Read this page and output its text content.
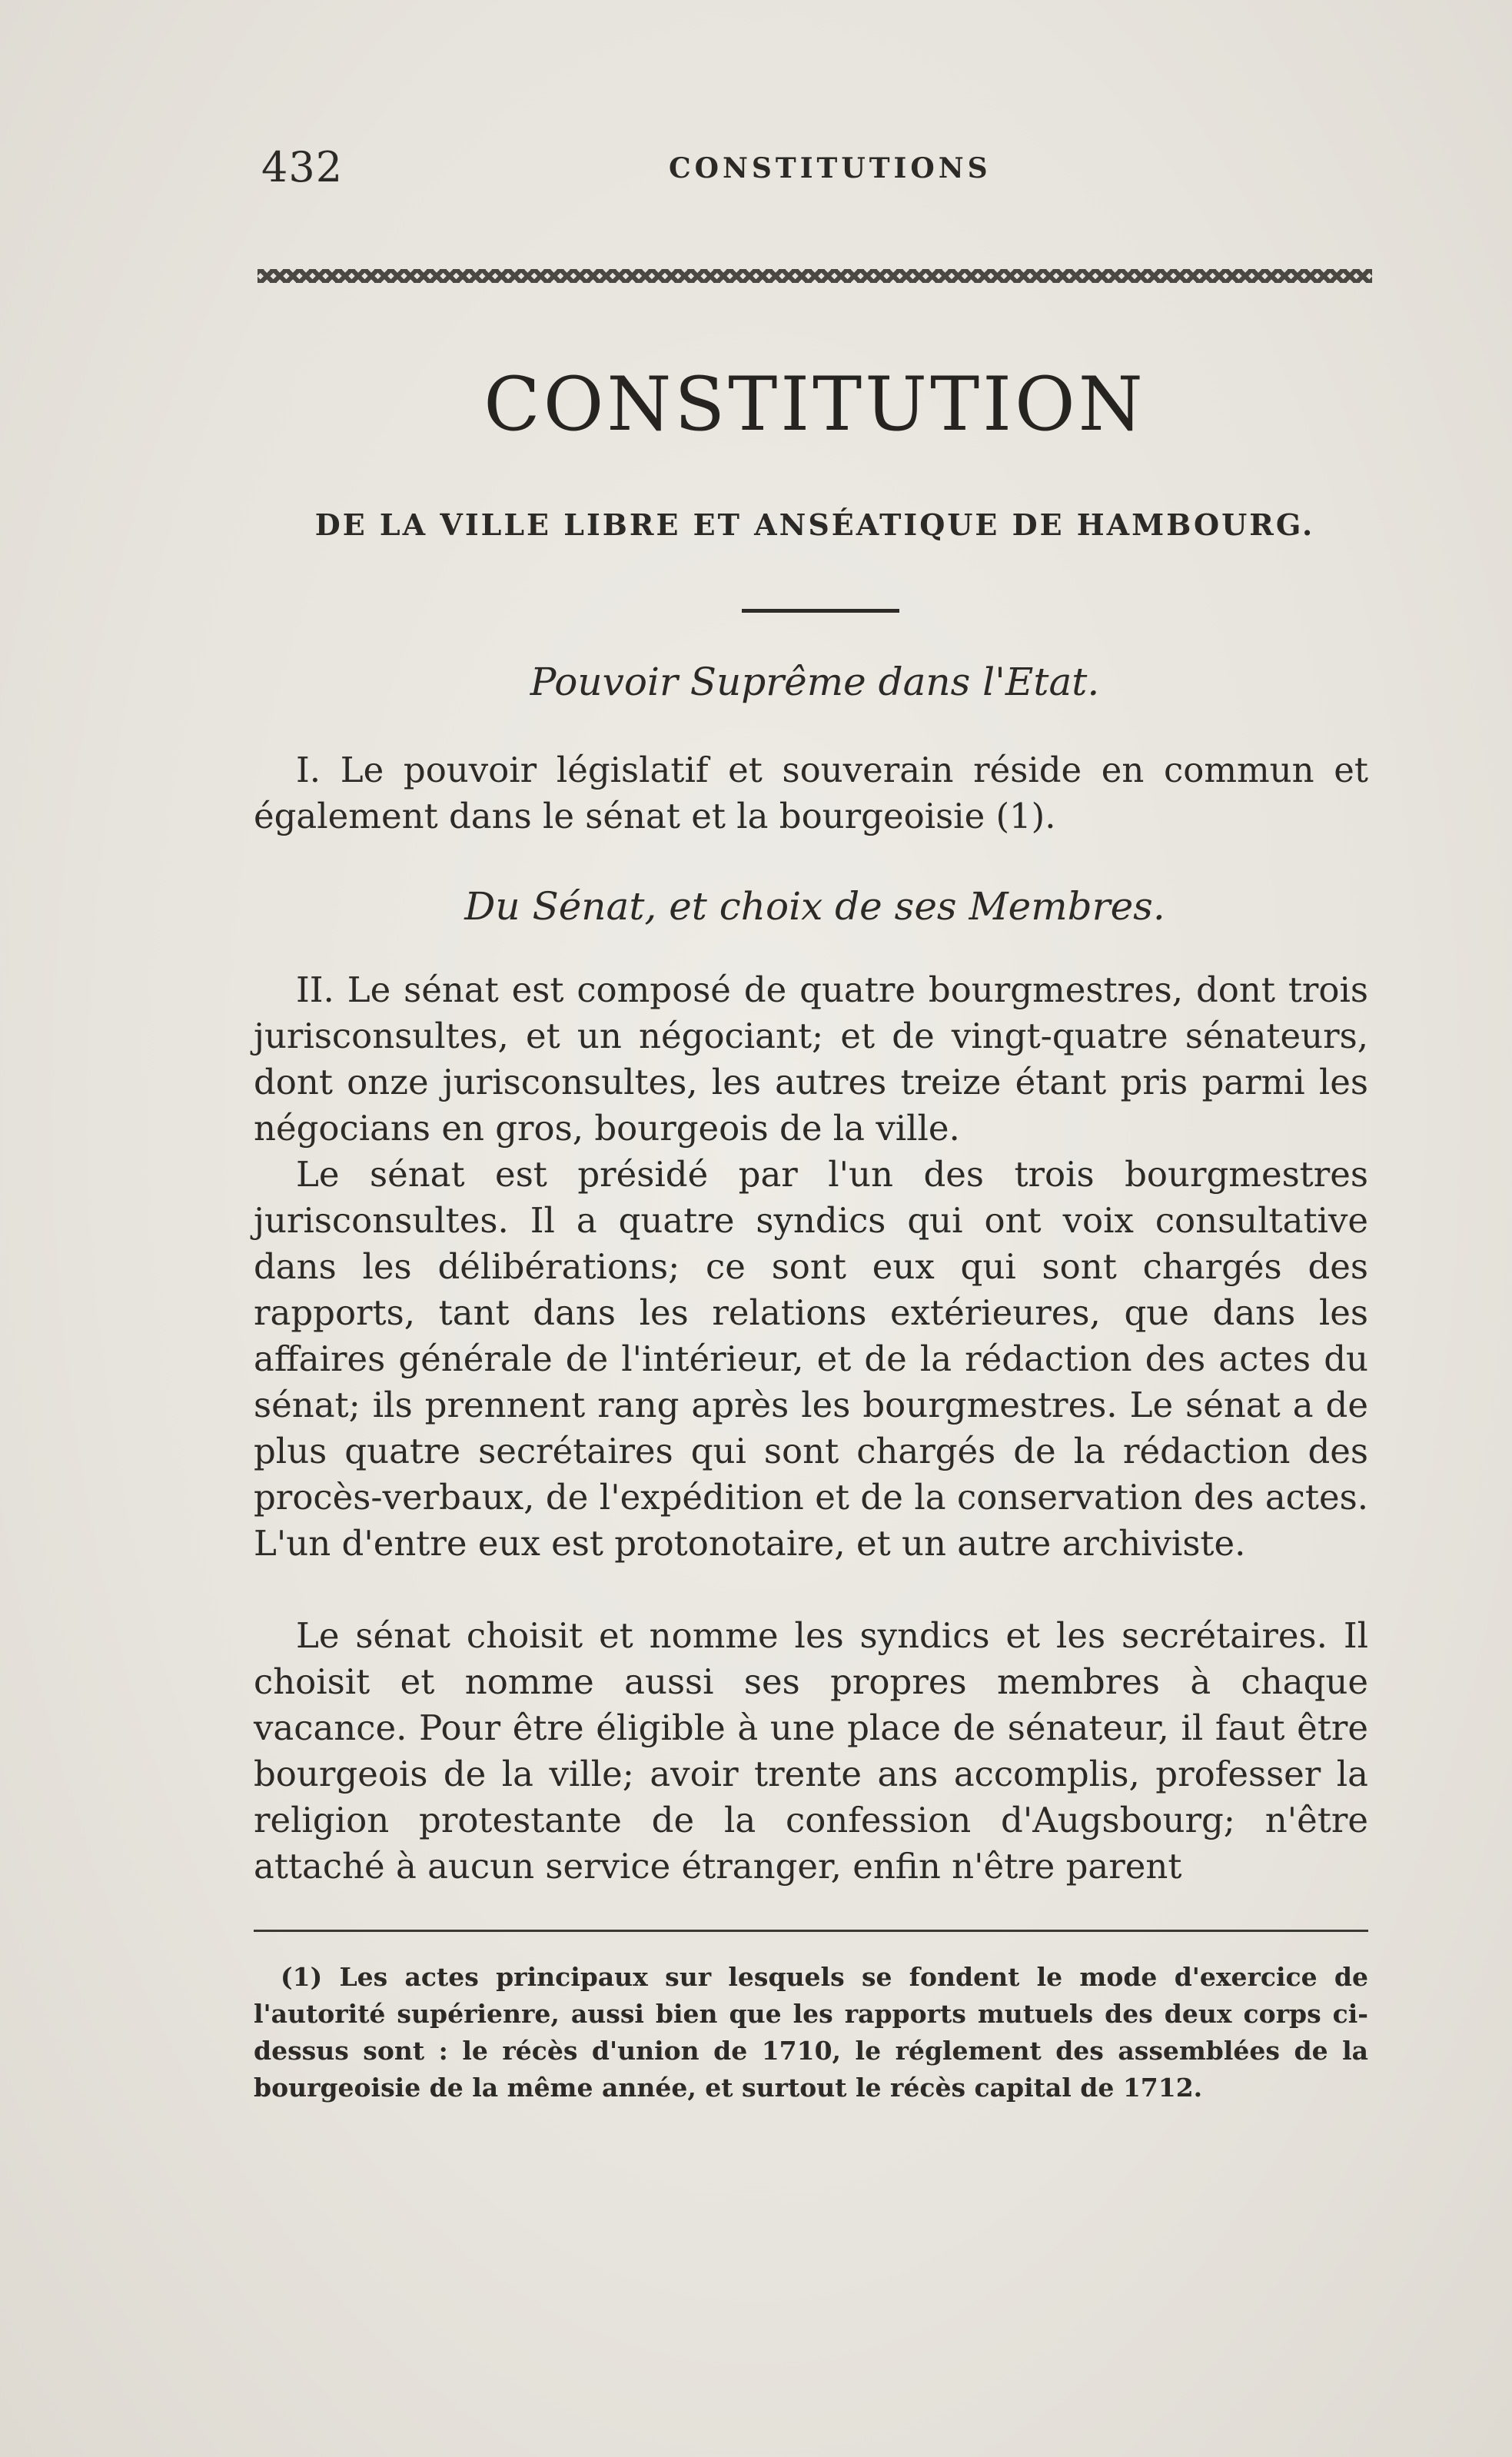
432	CONSTITUTIONS
CONSTITUTION
DE LA VILLE LIBRE ET ANSÉATIQUE DE HAMBOURG.
Pouvoir Suprême dans l'Etat.

I. Le pouvoir législatif et souverain réside en commun et également dans le sénat et la bourgeoisie (1).

Du Sénat, et choix de ses Membres.

II. Le sénat est composé de quatre bourgmestres, dont trois jurisconsultes, et un négociant; et de vingt-quatre sénateurs, dont onze jurisconsultes, les autres treize étant pris parmi les négocians en gros, bourgeois de la ville.

Le sénat est présidé par l'un des trois bourgmestres jurisconsultes. Il a quatre syndics qui ont voix consultative dans les délibérations; ce sont eux qui sont chargés des rapports, tant dans les relations extérieures, que dans les affaires générale de l'intérieur, et de la rédaction des actes du sénat; ils prennent rang après les bourgmestres. Le sénat a de plus quatre secrétaires qui sont chargés de la rédaction des procès-verbaux, de l'expédition et de la conservation des actes. L'un d'entre eux est protonotaire, et un autre archiviste.

Le sénat choisit et nomme les syndics et les secrétaires. Il choisit et nomme aussi ses propres membres à chaque vacance. Pour être éligible à une place de sénateur, il faut être bourgeois de la ville; avoir trente ans accomplis, professer la religion protestante de la confession d'Augsbourg; n'être attaché à aucun service étranger, enfin n'être parent

(1) Les actes principaux sur lesquels se fondent le mode d'exercice de l'autorité supérienre, aussi bien que les rapports mutuels des deux corps ci-dessus sont : le récès d'union de 1710, le réglement des assemblées de la bourgeoisie de la même année, et surtout le récès capital de 1712.
